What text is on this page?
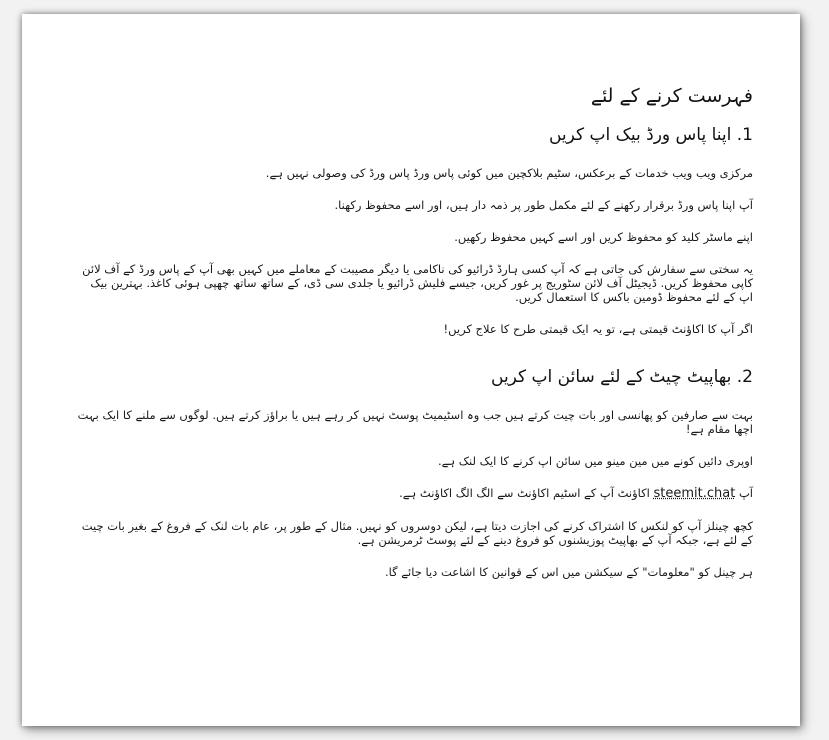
فہرست کرنے کے لئے
1. اپنا پاس ورڈ بیک اپ کریں

مرکزی ویب ویب خدمات کے برعکس، سٹیم بلاکچین میں کوئی پاس ورڈ پاس ورڈ کی وصولی نہیں ہے.

آپ اپنا پاس ورڈ برقرار رکھنے کے لئے مکمل طور پر ذمہ دار ہیں، اور اسے محفوظ رکھنا.

اپنے ماسٹر کلید کو محفوظ کریں اور اسے کہیں محفوظ رکھیں.

یہ سختی سے سفارش کی جاتی ہے کہ آپ کسی ہارڈ ڈرائیو کی ناکامی یا دیگر مصیبت کے معاملے میں کہیں بھی آپ کے پاس ورڈ کے آف لائن کاپی محفوظ کریں. ڈیجیٹل آف لائن سٹوریج پر غور کریں، جیسے فلیش ڈرائیو یا جلدی سی ڈی، کے ساتھ ساتھ چھپی ہوئی کاغذ. بہترین بیک اپ کے لئے محفوظ ڈومین باکس کا استعمال کریں.

اگر آپ کا اکاؤنٹ قیمتی ہے، تو یہ ایک قیمتی طرح کا علاج کریں!

2. بھاپیٹ چیٹ کے لئے سائن اپ کریں

بہت سے صارفین کو پھانسی اور بات چیت کرتے ہیں جب وہ اسٹیمیٹ پوسٹ نہیں کر رہے ہیں یا براؤز کرتے ہیں. لوگوں سے ملنے کا ایک بہت اچھا مقام ہے!

اوپری دائیں کونے میں مین مینو میں سائن اپ کرنے کا ایک لنک ہے.

آپ steemit.chat اکاؤنٹ آپ کے اسٹیم اکاؤنٹ سے الگ الگ اکاؤنٹ ہے.

کچھ چینلز آپ کو لنکس کا اشتراک کرنے کی اجازت دیتا ہے، لیکن دوسروں کو نہیں. مثال کے طور پر، عام بات لنک کے فروغ کے بغیر بات چیت کے لئے ہے، جبکہ آپ کے بھاپیٹ پوزیشنوں کو فروغ دینے کے لئے پوسٹ ٹرمریشن ہے.

ہر چینل کو "معلومات" کے سیکشن میں اس کے قوانین کا اشاعت دیا جائے گا.
